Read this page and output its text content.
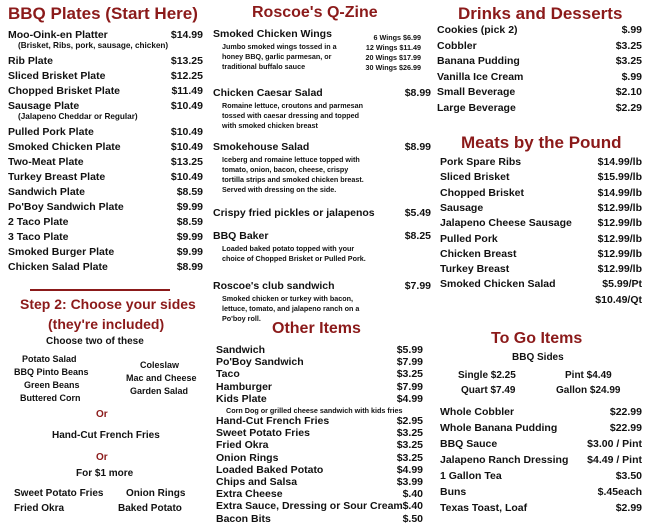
BBQ Plates (Start Here)
Moo-Oink-en Platter	$14.99
(Brisket, Ribs, pork, sausage, chicken)
Rib Plate	$13.25
Sliced Brisket Plate	$12.25
Chopped Brisket Plate	$11.49
Sausage Plate	$10.49
(Jalapeno Cheddar or Regular)
Pulled Pork Plate	$10.49
Smoked Chicken Plate	$10.49
Two-Meat Plate	$13.25
Turkey Breast Plate	$10.49
Sandwich Plate	$8.59
Po'Boy Sandwich Plate	$9.99
2 Taco Plate	$8.59
3 Taco Plate	$9.99
Smoked Burger Plate	$9.99
Chicken Salad Plate	$8.99
Step 2: Choose your sides
(they're included)
Choose two of these
Potato Salad
BBQ Pinto Beans
Green Beans
Buttered Corn
Coleslaw
Mac and Cheese
Garden Salad
Or
Hand-Cut French Fries
Or
For $1 more
Sweet Potato Fries
Fried Okra
Onion Rings
Baked Potato
Roscoe's Q-Zine
Smoked Chicken Wings
Jumbo smoked wings tossed in a honey BBQ, garlic parmesan, or traditional buffalo sauce
6 Wings $6.99
12 Wings $11.49
20 Wings $17.99
30 Wings $26.99
Chicken Caesar Salad	$8.99
Romaine lettuce, croutons and parmesan tossed with caesar dressing and topped with smoked chicken breast
Smokehouse Salad	$8.99
Iceberg and romaine lettuce topped with tomato, onion, bacon, cheese, crispy tortilla strips and smoked chicken breast. Served with dressing on the side.
Crispy fried pickles or jalapenos	$5.49
BBQ Baker	$8.25
Loaded baked potato topped with your choice of Chopped Brisket or Pulled Pork.
Roscoe's club sandwich	$7.99
Smoked chicken or turkey with bacon, lettuce, tomato, and jalapeno ranch on a Po'boy roll.
Other Items
Sandwich	$5.99
Po'Boy Sandwich	$7.99
Taco	$3.25
Hamburger	$7.99
Kids Plate	$4.99
Corn Dog or grilled cheese sandwich with kids fries
Hand-Cut French Fries	$2.95
Sweet Potato Fries	$3.25
Fried Okra	$3.25
Onion Rings	$3.25
Loaded Baked Potato	$4.99
Chips and Salsa	$3.99
Extra Cheese	$.40
Extra Sauce, Dressing or Sour Cream $.40
Bacon Bits	$.50
Drinks and Desserts
Cookies (pick 2)	$.99
Cobbler	$3.25
Banana Pudding	$3.25
Vanilla Ice Cream	$.99
Small Beverage	$2.10
Large Beverage	$2.29
Meats by the Pound
Pork Spare Ribs	$14.99/lb
Sliced Brisket	$15.99/lb
Chopped Brisket	$14.99/lb
Sausage	$12.99/lb
Jalapeno Cheese Sausage $12.99/lb
Pulled Pork	$12.99/lb
Chicken Breast	$12.99/lb
Turkey Breast	$12.99/lb
Smoked Chicken Salad	$5.99/Pt
$10.49/Qt
To Go Items
BBQ Sides
Single $2.25	Pint $4.49
Quart $7.49	Gallon $24.99
Whole Cobbler	$22.99
Whole Banana Pudding	$22.99
BBQ Sauce	$3.00 / Pint
Jalapeno Ranch Dressing $4.49 / Pint
1 Gallon Tea	$3.50
Buns	$.45each
Texas Toast, Loaf	$2.99
